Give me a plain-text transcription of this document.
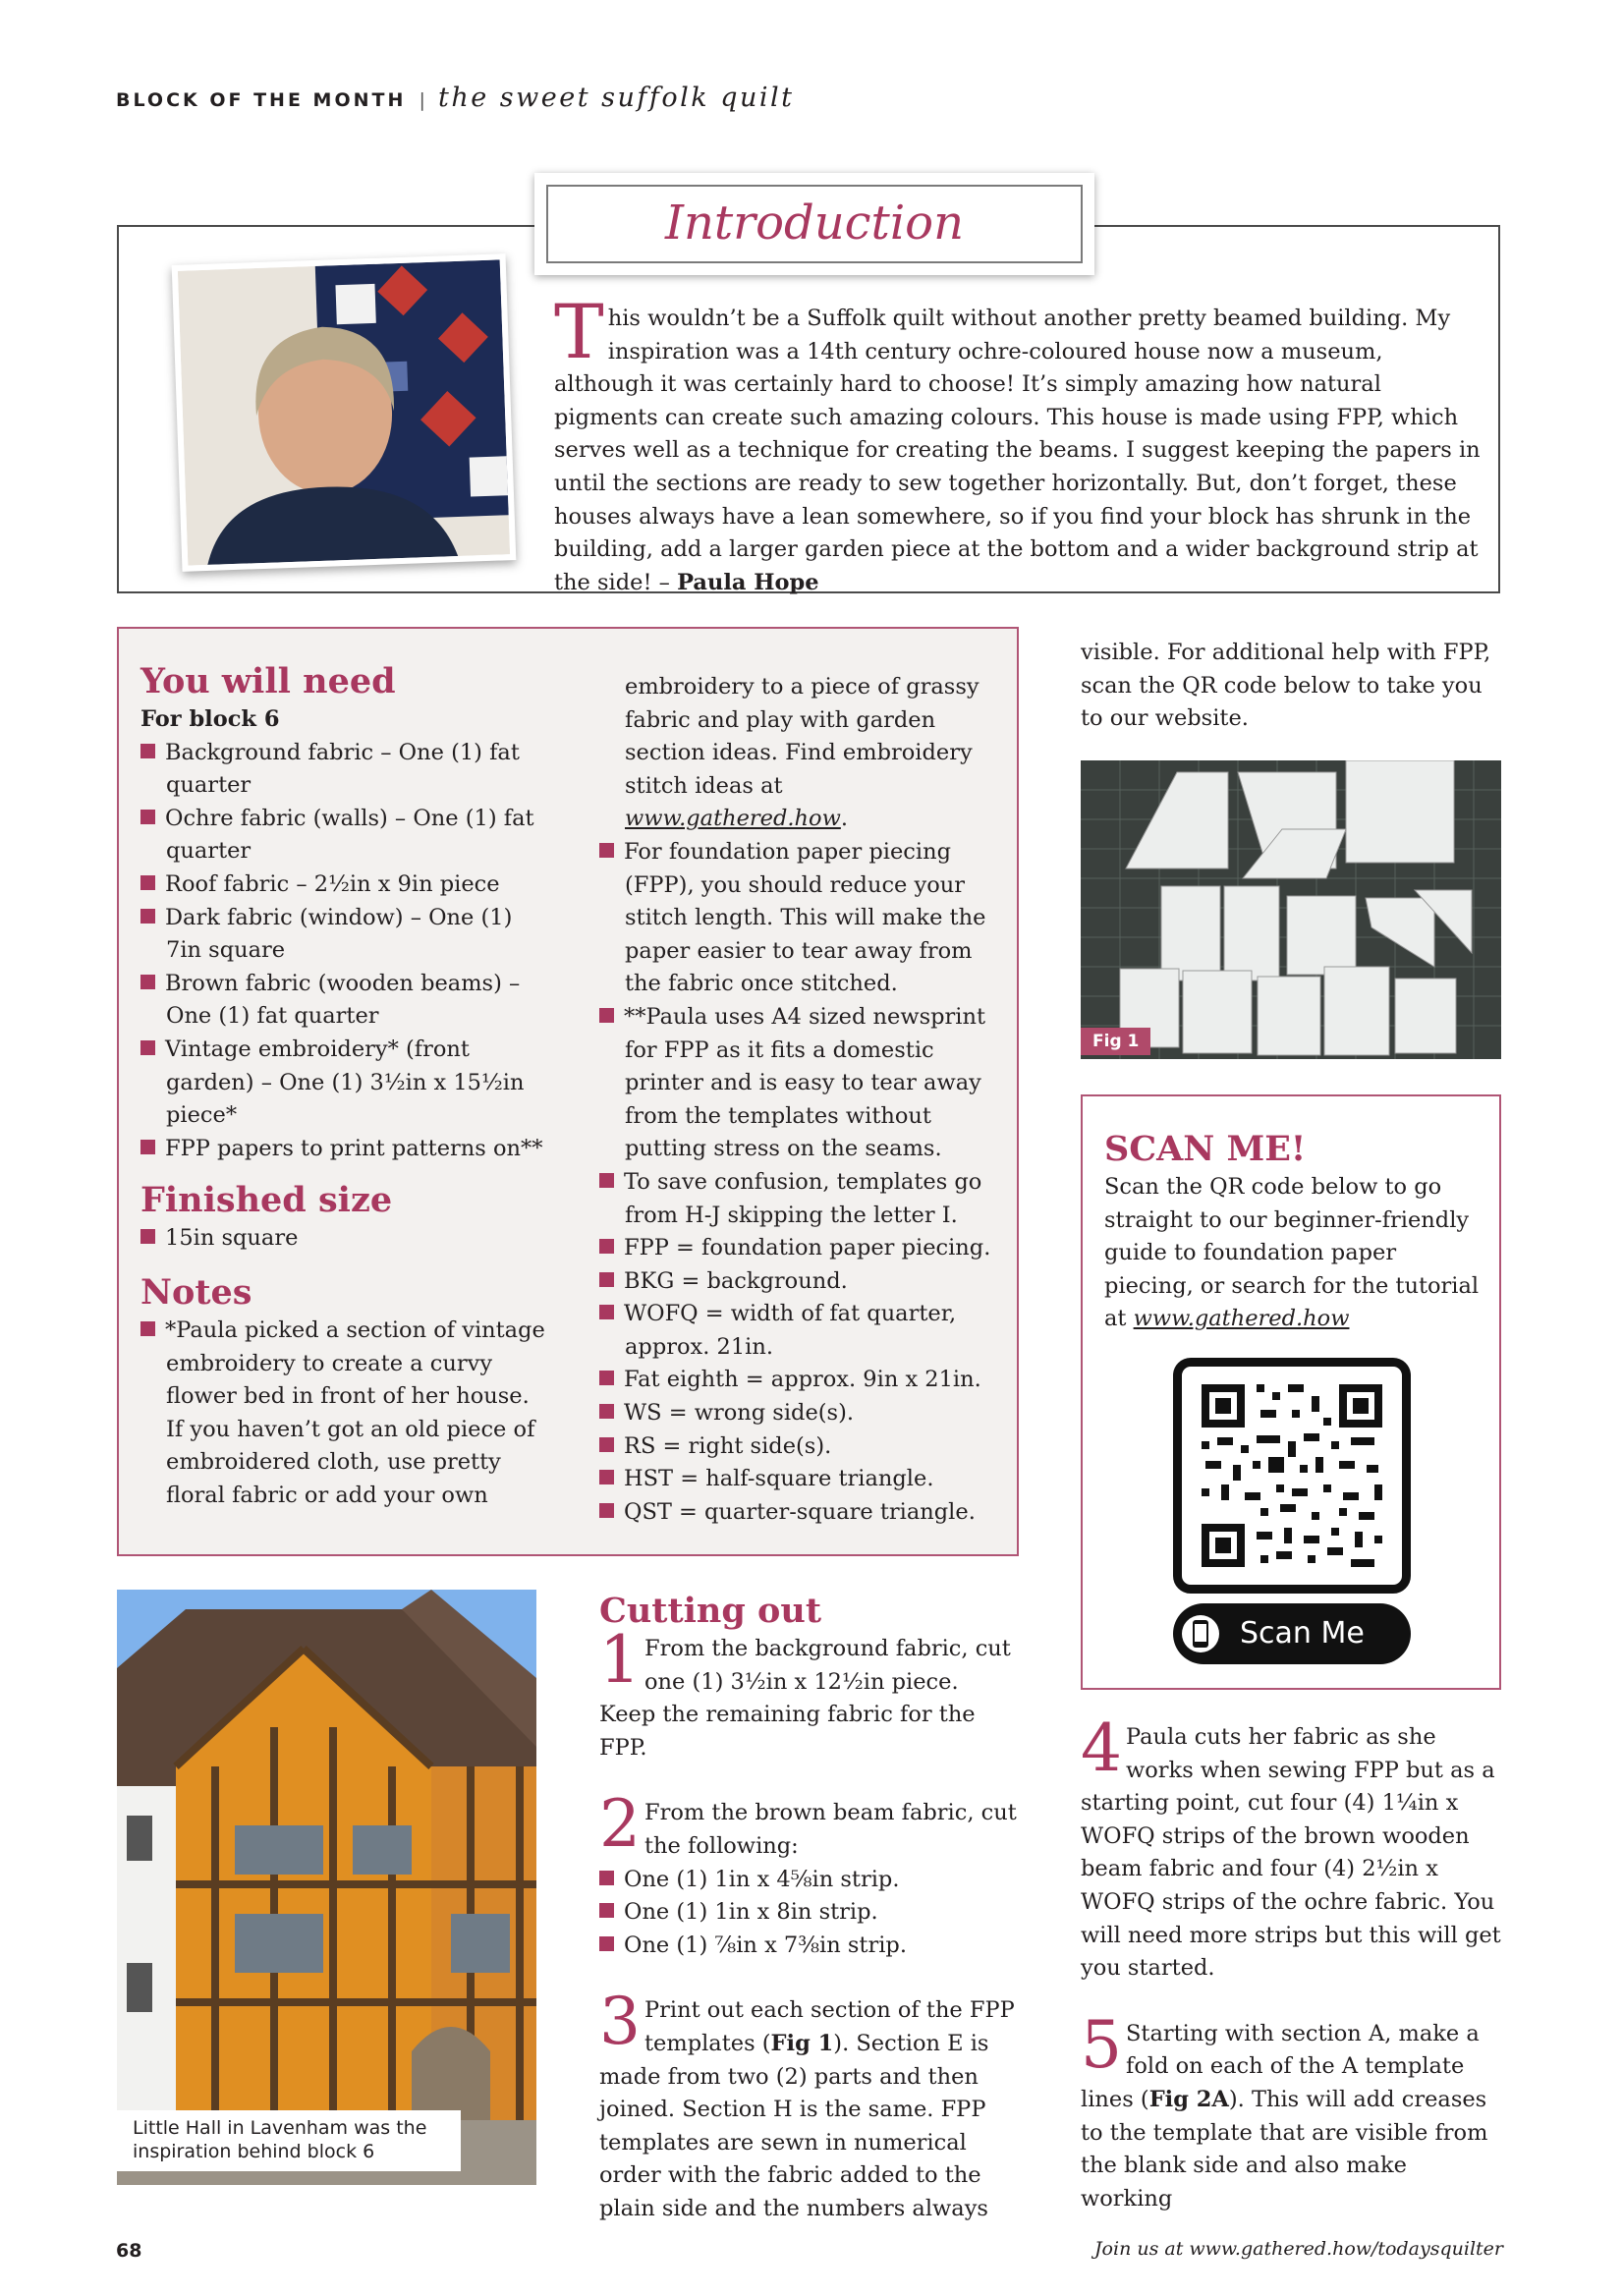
BLOCK OF THE MONTH | the sweet suffolk quilt
Introduction
T his wouldn’t be a Suffolk quilt without another pretty beamed building. My inspiration was a 14th century ochre-coloured house now a museum, although it was certainly hard to choose! It’s simply amazing how natural pigments can create such amazing colours. This house is made using FPP, which serves well as a technique for creating the beams. I suggest keeping the papers in until the sections are ready to sew together horizontally. But, don’t forget, these houses always have a lean somewhere, so if you find your block has shrunk in the building, add a larger garden piece at the bottom and a wider background strip at the side! – Paula Hope
You will need
For block 6
Background fabric – One (1) fat quarter
Ochre fabric (walls) – One (1) fat quarter
Roof fabric – 2½in x 9in piece
Dark fabric (window) – One (1) 7in square
Brown fabric (wooden beams) – One (1) fat quarter
Vintage embroidery* (front garden) – One (1) 3½in x 15½in piece*
FPP papers to print patterns on**
Finished size
15in square
Notes
*Paula picked a section of vintage embroidery to create a curvy flower bed in front of her house. If you haven’t got an old piece of embroidered cloth, use pretty floral fabric or add your own
embroidery to a piece of grassy fabric and play with garden section ideas. Find embroidery stitch ideas at www.gathered.how.
For foundation paper piecing (FPP), you should reduce your stitch length. This will make the paper easier to tear away from the fabric once stitched.
**Paula uses A4 sized newsprint for FPP as it fits a domestic printer and is easy to tear away from the templates without putting stress on the seams.
To save confusion, templates go from H-J skipping the letter I.
FPP = foundation paper piecing.
BKG = background.
WOFQ = width of fat quarter, approx. 21in.
Fat eighth = approx. 9in x 21in.
WS = wrong side(s).
RS = right side(s).
HST = half-square triangle.
QST = quarter-square triangle.
visible. For additional help with FPP, scan the QR code below to take you to our website.
Fig 1
SCAN ME!
Scan the QR code below to go straight to our beginner-friendly guide to foundation paper piecing, or search for the tutorial at www.gathered.how
Scan Me
Little Hall in Lavenham was the inspiration behind block 6
Cutting out
1 From the background fabric, cut one (1) 3½in x 12½in piece. Keep the remaining fabric for the FPP.
2 From the brown beam fabric, cut the following:
One (1) 1in x 4⅝in strip.
One (1) 1in x 8in strip.
One (1) ⅞in x 7⅜in strip.
3 Print out each section of the FPP templates (Fig 1). Section E is made from two (2) parts and then joined. Section H is the same. FPP templates are sewn in numerical order with the fabric added to the plain side and the numbers always
4 Paula cuts her fabric as she works when sewing FPP but as a starting point, cut four (4) 1¼in x WOFQ strips of the brown wooden beam fabric and four (4) 2½in x WOFQ strips of the ochre fabric. You will need more strips but this will get you started.
5 Starting with section A, make a fold on each of the A template lines (Fig 2A). This will add creases to the template that are visible from the blank side and also make working
68	Join us at www.gathered.how/todaysquilter
